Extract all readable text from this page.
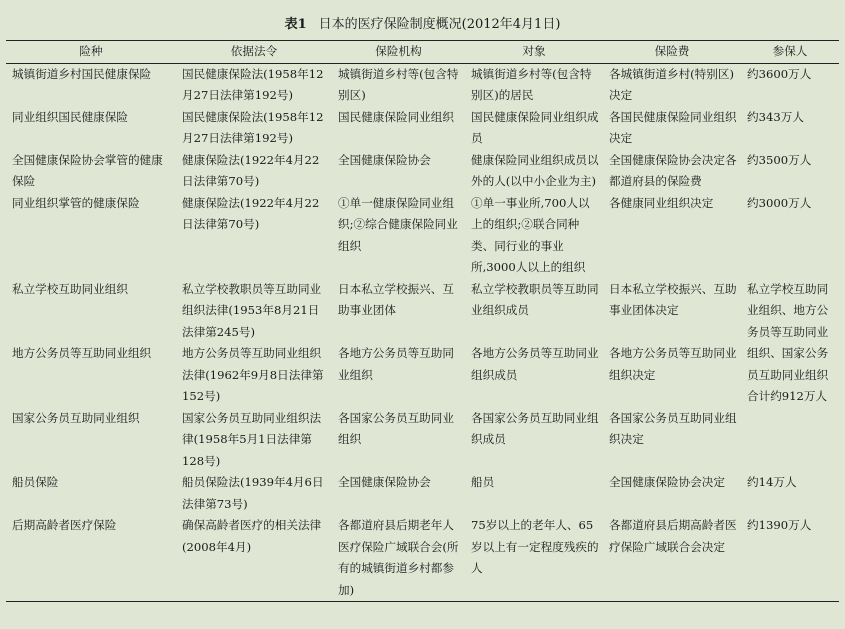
表1 日本的医疗保险制度概况(2012年4月1日)
险种	依据法令	保险机构	对象	保险费	参保人
城镇街道乡村国民健康保险	国民健康保险法(1958年12月27日法律第192号)	城镇街道乡村等(包含特别区)	城镇街道乡村等(包含特别区)的居民	各城镇街道乡村(特别区)决定	约3600万人
同业组织国民健康保险	国民健康保险法(1958年12月27日法律第192号)	国民健康保险同业组织	国民健康保险同业组织成员	各国民健康保险同业组织决定	约343万人
全国健康保险协会掌管的健康保险	健康保险法(1922年4月22日法律第70号)	全国健康保险协会	健康保险同业组织成员以外的人(以中小企业为主)	全国健康保险协会决定各都道府县的保险费	约3500万人
同业组织掌管的健康保险	健康保险法(1922年4月22日法律第70号)	①单一健康保险同业组织;②综合健康保险同业组织	①单一事业所,700人以上的组织;②联合同种类、同行业的事业所,3000人以上的组织	各健康同业组织决定	约3000万人
私立学校互助同业组织	私立学校教职员等互助同业组织法律(1953年8月21日法律第245号)	日本私立学校振兴、互助事业团体	私立学校教职员等互助同业组织成员	日本私立学校振兴、互助事业团体决定	私立学校互助同业组织、地方公务员等互助同业组织、国家公务员互助同业组织合计约912万人
地方公务员等互助同业组织	地方公务员等互助同业组织法律(1962年9月8日法律第152号)	各地方公务员等互助同业组织	各地方公务员等互助同业组织成员	各地方公务员等互助同业组织决定	
国家公务员互助同业组织	国家公务员互助同业组织法律(1958年5月1日法律第128号)	各国家公务员互助同业组织	各国家公务员互助同业组织成员	各国家公务员互助同业组织决定	
船员保险	船员保险法(1939年4月6日法律第73号)	全国健康保险协会	船员	全国健康保险协会决定	约14万人
后期高龄者医疗保险	确保高龄者医疗的相关法律(2008年4月)	各都道府县后期老年人医疗保险广域联合会(所有的城镇街道乡村都参加)	75岁以上的老年人、65岁以上有一定程度残疾的人	各都道府县后期高龄者医疗保险广域联合会决定	约1390万人
